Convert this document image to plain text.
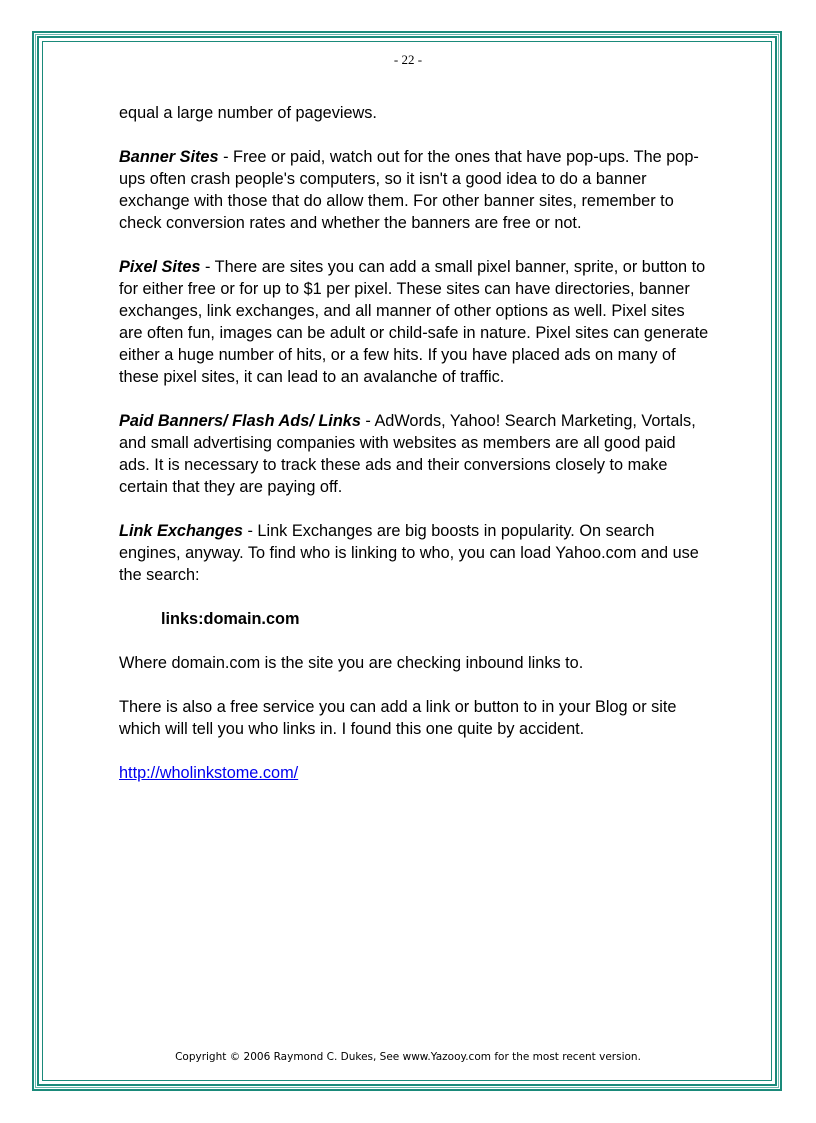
- 22 -

equal a large number of pageviews.

Banner Sites - Free or paid, watch out for the ones that have pop-ups. The pop-ups often crash people's computers, so it isn't a good idea to do a banner exchange with those that do allow them. For other banner sites, remember to check conversion rates and whether the banners are free or not.

Pixel Sites - There are sites you can add a small pixel banner, sprite, or button to for either free or for up to $1 per pixel. These sites can have directories, banner exchanges, link exchanges, and all manner of other options as well. Pixel sites are often fun, images can be adult or child-safe in nature. Pixel sites can generate either a huge number of hits, or a few hits. If you have placed ads on many of these pixel sites, it can lead to an avalanche of traffic.

Paid Banners/ Flash Ads/ Links - AdWords, Yahoo! Search Marketing, Vortals, and small advertising companies with websites as members are all good paid ads. It is necessary to track these ads and their conversions closely to make certain that they are paying off.

Link Exchanges - Link Exchanges are big boosts in popularity. On search engines, anyway. To find who is linking to who, you can load Yahoo.com and use the search:

links:domain.com

Where domain.com is the site you are checking inbound links to.

There is also a free service you can add a link or button to in your Blog or site which will tell you who links in. I found this one quite by accident.

http://wholinkstome.com/

Copyright © 2006 Raymond C. Dukes, See www.Yazooy.com for the most recent version.
